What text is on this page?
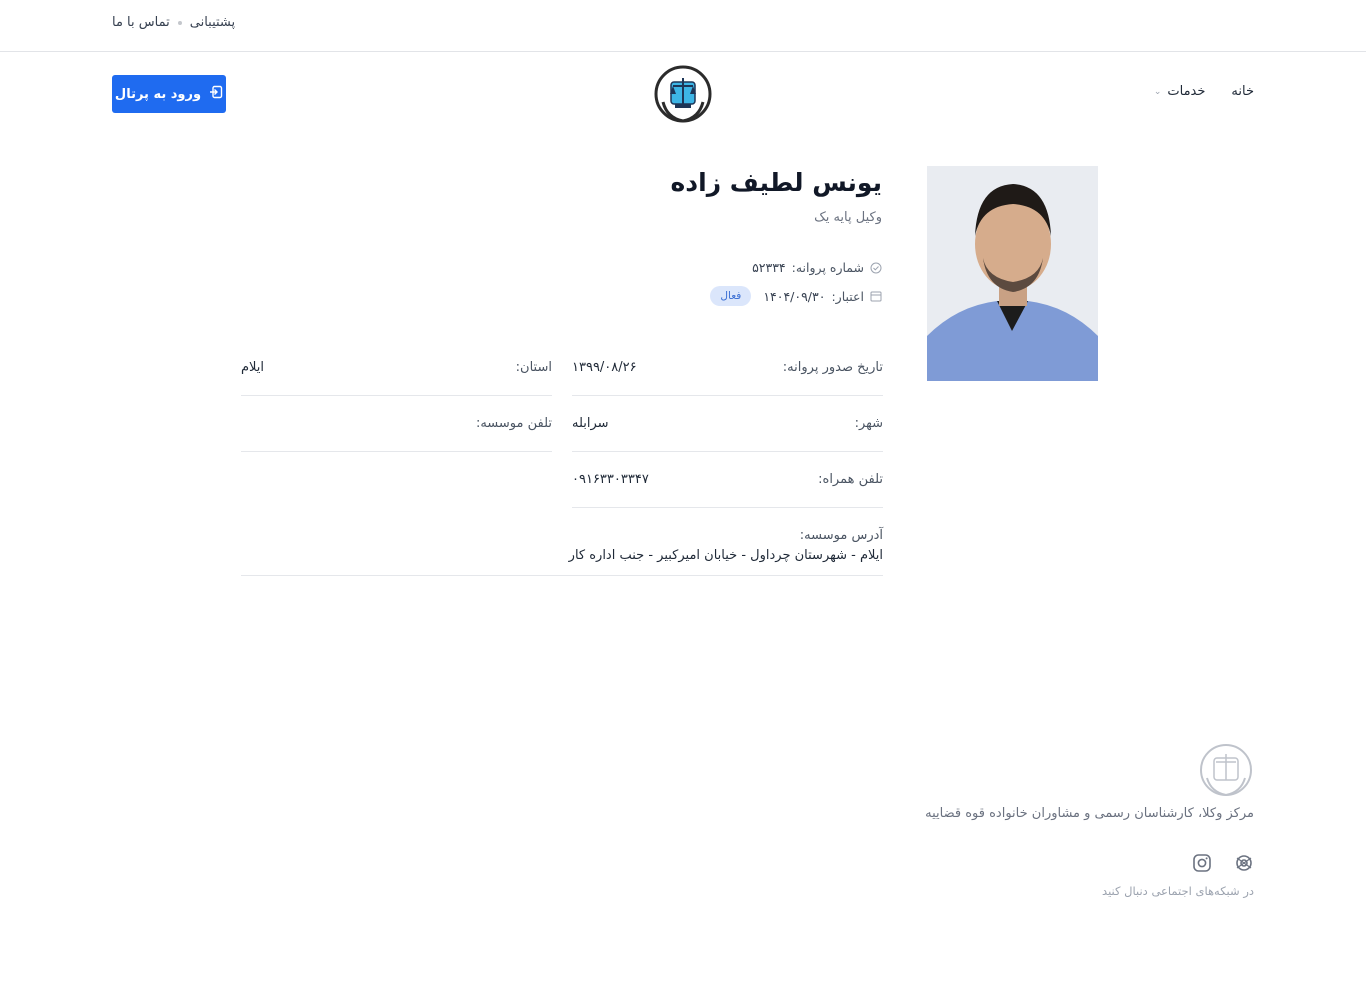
پشتیبانی
تماس با ما
خانه
خدمات
⌄
ورود به پرتال
یونس لطیف زاده
وکیل پایه یک
شماره پروانه:
۵۲۳۳۴
اعتبار:
۱۴۰۴/۰۹/۳۰
فعال
تاریخ صدور پروانه:
۱۳۹۹/۰۸/۲۶
استان:
ایلام
شهر:
سرابله
تلفن موسسه:
تلفن همراه:
۰۹۱۶۳۳۰۳۳۴۷
آدرس موسسه:
ایلام - شهرستان چرداول - خیابان امیرکبیر - جنب اداره کار
مرکز وکلا، کارشناسان رسمی و مشاوران خانواده قوه قضاییه
در شبکه‌های اجتماعی دنبال کنید
